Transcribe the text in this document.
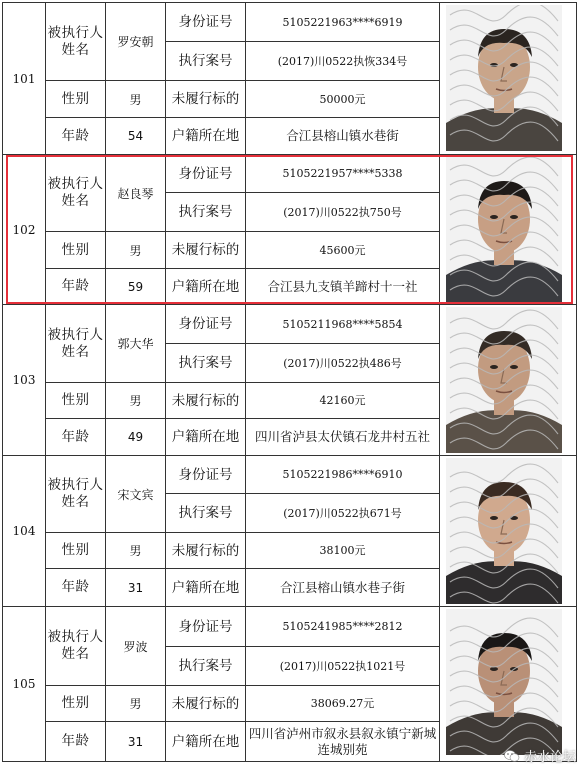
101	被执行人姓名	罗安朝	身份证号	5105221963****6919	

			执行案号	(2017)川0522执恢334号	
	性别	男	未履行标的	50000元	
	年龄	54	户籍所在地	合江县榕山镇水巷街	
102	被执行人姓名	赵良琴	身份证号	5105221957****5338	

			执行案号	(2017)川0522执750号	
	性别	男	未履行标的	45600元	
	年龄	59	户籍所在地	合江县九支镇羊蹄村十一社	
103	被执行人姓名	郭大华	身份证号	5105211968****5854	

			执行案号	(2017)川0522执486号	
	性别	男	未履行标的	42160元	
	年龄	49	户籍所在地	四川省泸县太伏镇石龙井村五社	
104	被执行人姓名	宋文宾	身份证号	5105221986****6910	

			执行案号	(2017)川0522执671号	
	性别	男	未履行标的	38100元	
	年龄	31	户籍所在地	合江县榕山镇水巷子街	
105	被执行人姓名	罗波	身份证号	5105241985****2812	

			执行案号	(2017)川0522执1021号	
	性别	男	未履行标的	38069.27元	
	年龄	31	户籍所在地	四川省泸州市叙永县叙永镇宁新城连城别苑	
赤水论坛
